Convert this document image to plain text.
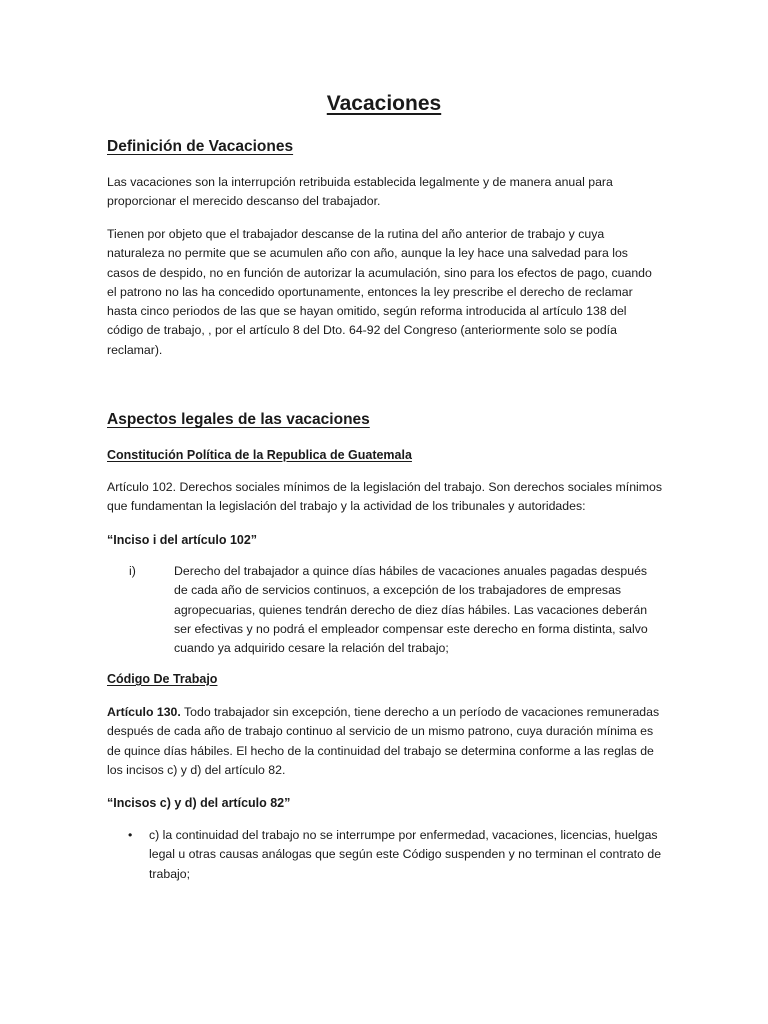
Vacaciones
Definición de Vacaciones

Las vacaciones son la interrupción retribuida establecida legalmente y de manera anual para proporcionar el merecido descanso del trabajador.

Tienen por objeto que el trabajador descanse de la rutina del año anterior de trabajo y cuya naturaleza no permite que se acumulen año con año, aunque la ley hace una salvedad para los casos de despido, no en función de autorizar la acumulación, sino para los efectos de pago, cuando el patrono no las ha concedido oportunamente, entonces la ley prescribe el derecho de reclamar hasta cinco periodos de las que se hayan omitido, según reforma introducida al artículo 138 del código de trabajo, , por el artículo 8 del Dto. 64-92 del Congreso (anteriormente solo se podía reclamar).

Aspectos legales de las vacaciones
Constitución Política de la Republica de Guatemala

Artículo 102. Derechos sociales mínimos de la legislación del trabajo. Son derechos sociales mínimos que fundamentan la legislación del trabajo y la actividad de los tribunales y autoridades:

“Inciso i del artículo 102”

i)	Derecho del trabajador a quince días hábiles de vacaciones anuales pagadas después de cada año de servicios continuos, a excepción de los trabajadores de empresas agropecuarias, quienes tendrán derecho de diez días hábiles. Las vacaciones deberán ser efectivas y no podrá el empleador compensar este derecho en forma distinta, salvo cuando ya adquirido cesare la relación del trabajo;

Código De Trabajo

Artículo 130. Todo trabajador sin excepción, tiene derecho a un período de vacaciones remuneradas después de cada año de trabajo continuo al servicio de un mismo patrono, cuya duración mínima es de quince días hábiles. El hecho de la continuidad del trabajo se determina conforme a las reglas de los incisos c) y d) del artículo 82.

“Incisos c) y d) del artículo 82”

• c) la continuidad del trabajo no se interrumpe por enfermedad, vacaciones, licencias, huelgas legal u otras causas análogas que según este Código suspenden y no terminan el contrato de trabajo;
